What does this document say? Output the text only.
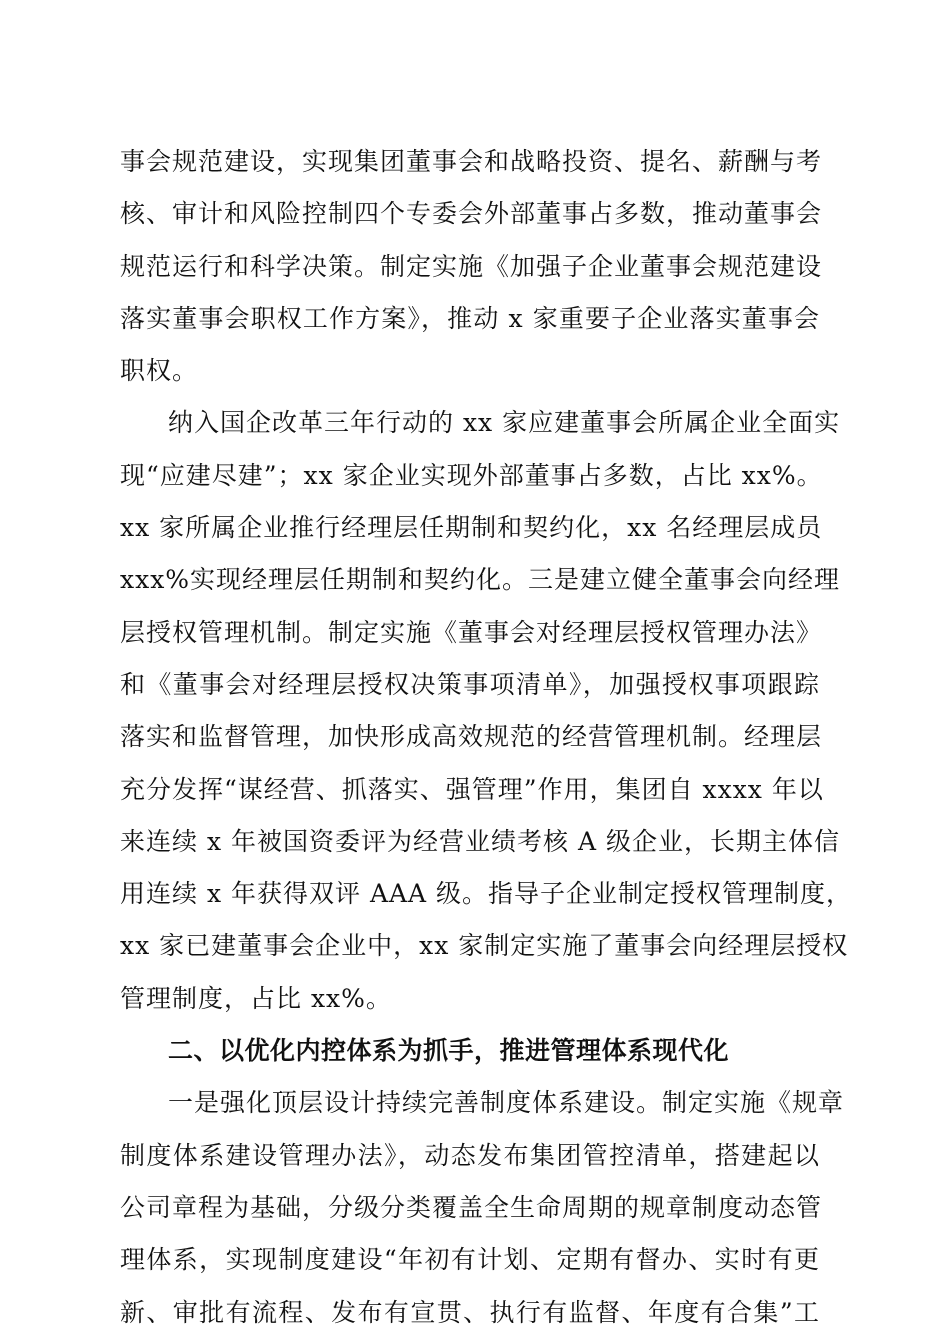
事会规范建设，实现集团董事会和战略投资、提名、薪酬与考
核、审计和风险控制四个专委会外部董事占多数，推动董事会
规范运行和科学决策。制定实施《加强子企业董事会规范建设
落实董事会职权工作方案》，推动 x 家重要子企业落实董事会
职权。
纳入国企改革三年行动的 xx 家应建董事会所属企业全面实
现“应建尽建”；xx 家企业实现外部董事占多数，占比 xx%。
xx 家所属企业推行经理层任期制和契约化，xx 名经理层成员
xxx%实现经理层任期制和契约化。三是建立健全董事会向经理
层授权管理机制。制定实施《董事会对经理层授权管理办法》
和《董事会对经理层授权决策事项清单》，加强授权事项跟踪
落实和监督管理，加快形成高效规范的经营管理机制。经理层
充分发挥“谋经营、抓落实、强管理”作用，集团自 xxxx 年以
来连续 x 年被国资委评为经营业绩考核 A 级企业，长期主体信
用连续 x 年获得双评 AAA 级。指导子企业制定授权管理制度，
xx 家已建董事会企业中，xx 家制定实施了董事会向经理层授权
管理制度，占比 xx%。
二、以优化内控体系为抓手，推进管理体系现代化
一是强化顶层设计持续完善制度体系建设。制定实施《规章
制度体系建设管理办法》，动态发布集团管控清单，搭建起以
公司章程为基础，分级分类覆盖全生命周期的规章制度动态管
理体系，实现制度建设“年初有计划、定期有督办、实时有更
新、审批有流程、发布有宣贯、执行有监督、年度有合集”工
